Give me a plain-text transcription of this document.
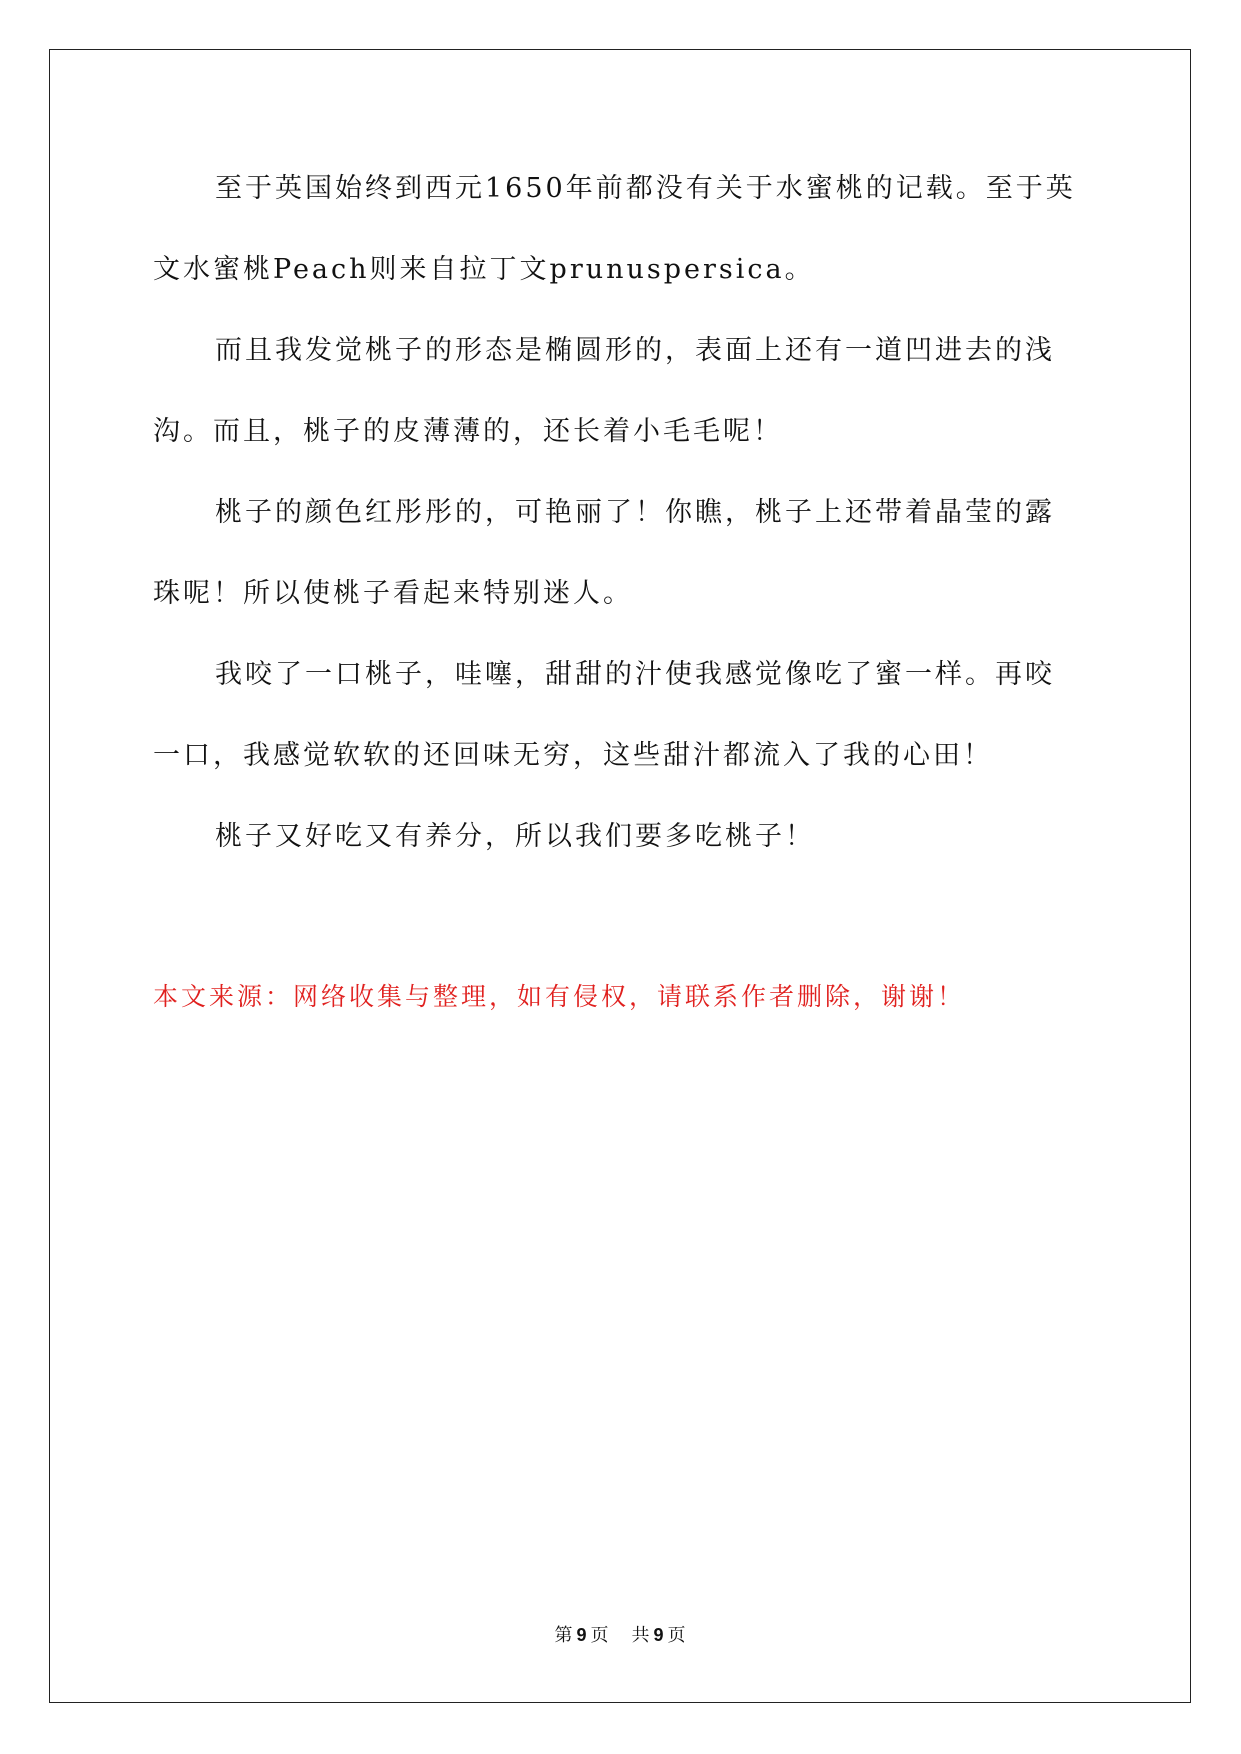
至于英国始终到西元1650年前都没有关于水蜜桃的记载。至于英
文水蜜桃Peach则来自拉丁文prunuspersica。

而且我发觉桃子的形态是椭圆形的，表面上还有一道凹进去的浅
沟。而且，桃子的皮薄薄的，还长着小毛毛呢！

桃子的颜色红彤彤的，可艳丽了！你瞧，桃子上还带着晶莹的露
珠呢！所以使桃子看起来特别迷人。

我咬了一口桃子，哇噻，甜甜的汁使我感觉像吃了蜜一样。再咬
一口，我感觉软软的还回味无穷，这些甜汁都流入了我的心田！

桃子又好吃又有养分，所以我们要多吃桃子！

本文来源：网络收集与整理，如有侵权，请联系作者删除，谢谢！
第 9 页 共 9 页
